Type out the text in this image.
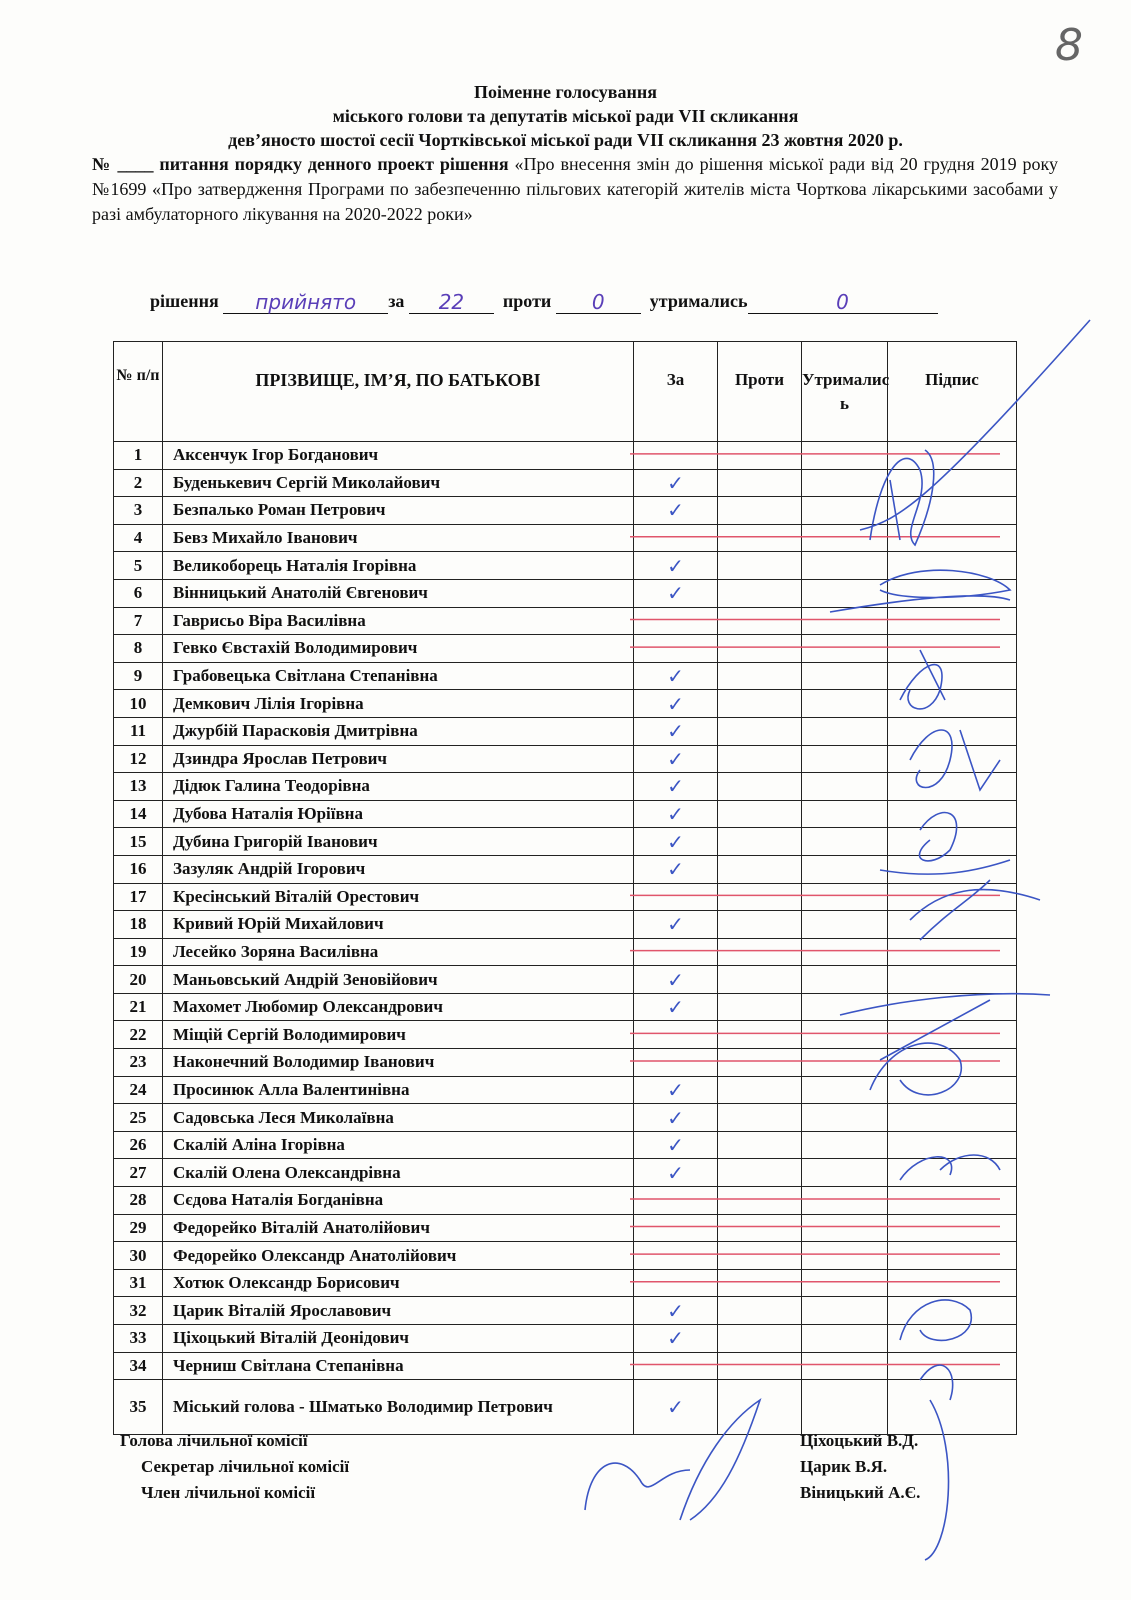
8
Поіменне голосування
міського голови та депутатів міської ради VII скликання
дев’яносто шостої сесії Чортківської міської ради VII скликання 23 жовтня 2020 р.
№ ____ питання порядку денного проект рішення «Про внесення змін до рішення міської ради від 20 грудня 2019 року №1699 «Про затвердження Програми по забезпеченню пільгових категорій жителів міста Чорткова лікарськими засобами у разі амбулаторного лікування на 2020-2022 роки»
рішення прийнято за 22 проти 0	утримались	0
№ п/п	ПРІЗВИЩЕ, ІМ’Я, ПО БАТЬКОВІ	За	Проти	Утрималис ь	Підпис
1	Аксенчук Ігор Богданович				
2	Буденькевич Сергій Миколайович	✓			
3	Безпалько Роман Петрович	✓			
4	Бевз Михайло Іванович				
5	Великоборець Наталія Ігорівна	✓			
6	Вінницький Анатолій Євгенович	✓			
7	Гаврисьо Віра Василівна				
8	Гевко Євстахій Володимирович				
9	Грабовецька Світлана Степанівна	✓			
10	Демкович Лілія Ігорівна	✓			
11	Джурбій Парасковія Дмитрівна	✓			
12	Дзиндра Ярослав Петрович	✓			
13	Дідюк Галина Теодорівна	✓			
14	Дубова Наталія Юріївна	✓			
15	Дубина Григорій Іванович	✓			
16	Зазуляк Андрій Ігорович	✓			
17	Кресінський Віталій Орестович				
18	Кривий Юрій Михайлович	✓			
19	Лесейко Зоряна Василівна				
20	Маньовський Андрій Зеновійович	✓			
21	Махомет Любомир Олександрович	✓			
22	Міщій Сергій Володимирович				
23	Наконечний Володимир Іванович				
24	Просинюк Алла Валентинівна	✓			
25	Садовська Леся Миколаївна	✓			
26	Скалій Аліна Ігорівна	✓			
27	Скалій Олена Олександрівна	✓			
28	Сєдова Наталія Богданівна				
29	Федорейко Віталій Анатолійович				
30	Федорейко Олександр Анатолійович				
31	Хотюк Олександр Борисович				
32	Царик Віталій Ярославович	✓			
33	Ціхоцький Віталій Деонідович	✓			
34	Черниш Світлана Степанівна				
35	Міський голова - Шматько Володимир Петрович	✓			
Голова лічильної комісії	Ціхоцький В.Д.
Секретар лічильної комісії	Царик В.Я.
Член лічильної комісії	Віницький А.Є.
